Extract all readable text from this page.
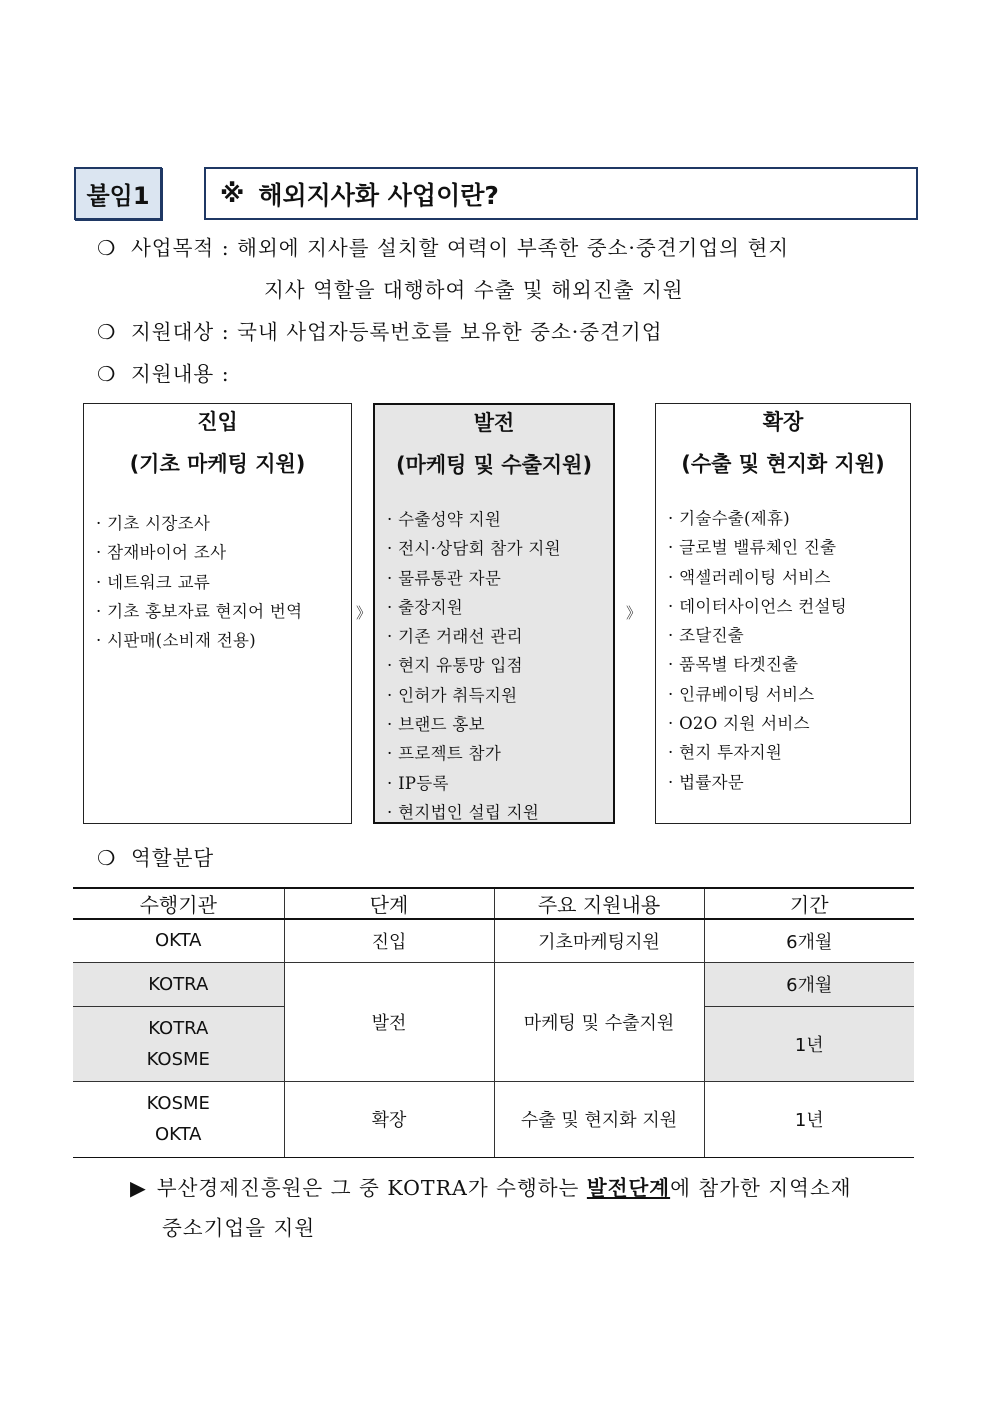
붙임1	※ 해외지사화 사업이란?
❍ 사업목적 : 해외에 지사를 설치할 여력이 부족한 중소·중견기업의 현지
지사 역할을 대행하여 수출 및 해외진출 지원
❍ 지원대상 : 국내 사업자등록번호를 보유한 중소·중견기업
❍ 지원내용 :
진입
(기초 마케팅 지원)
· 기초 시장조사
· 잠재바이어 조사
· 네트워크 교류
· 기초 홍보자료 현지어 번역
· 시판매(소비재 전용)
》
발전
(마케팅 및 수출지원)
· 수출성약 지원
· 전시·상담회 참가 지원
· 물류통관 자문
· 출장지원
· 기존 거래선 관리
· 현지 유통망 입점
· 인허가 취득지원
· 브랜드 홍보
· 프로젝트 참가
· IP등록
· 현지법인 설립 지원
》
확장
(수출 및 현지화 지원)
· 기술수출(제휴)
· 글로벌 밸류체인 진출
· 액셀러레이팅 서비스
· 데이터사이언스 컨설팅
· 조달진출
· 품목별 타겟진출
· 인큐베이팅 서비스
· O2O 지원 서비스
· 현지 투자지원
· 법률자문
❍ 역할분담
수행기관	단계	주요 지원내용	기간
OKTA	진입	기초마케팅지원	6개월
KOTRA	발전	마케팅 및 수출지원	6개월

KOTRA
KOSME			1년

KOSME
OKTA	확장	수출 및 현지화 지원	1년
▶ 부산경제진흥원은 그 중 KOTRA가 수행하는 발전단계에 참가한 지역소재
중소기업을 지원
